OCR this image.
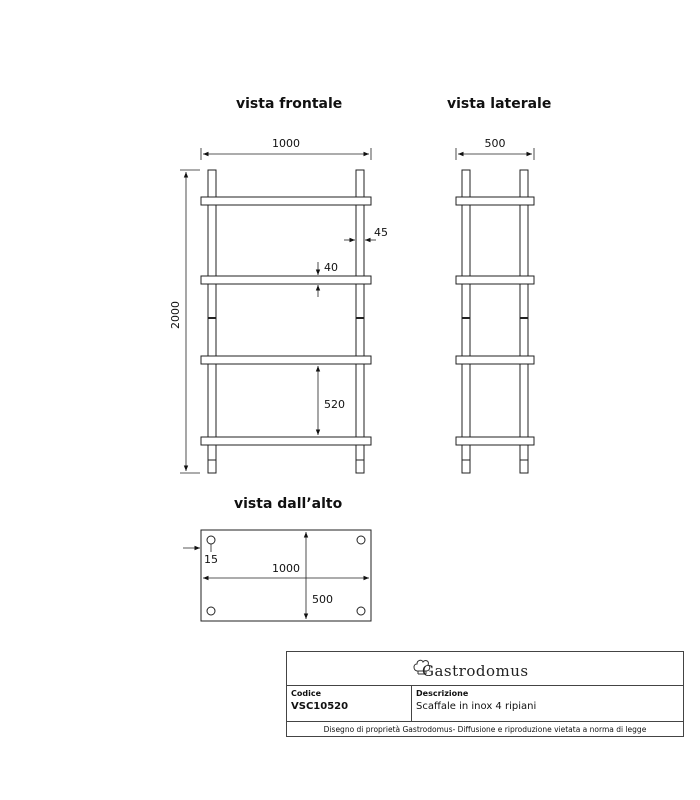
vista frontale	vista laterale
vista dall’alto
1000
2000
45
40
520
500
15
1000
500
Gastrodomus
Codice
VSC10520
Descrizione
Scaffale in inox 4 ripiani
Disegno di proprietà Gastrodomus- Diffusione e riproduzione vietata a norma di legge
